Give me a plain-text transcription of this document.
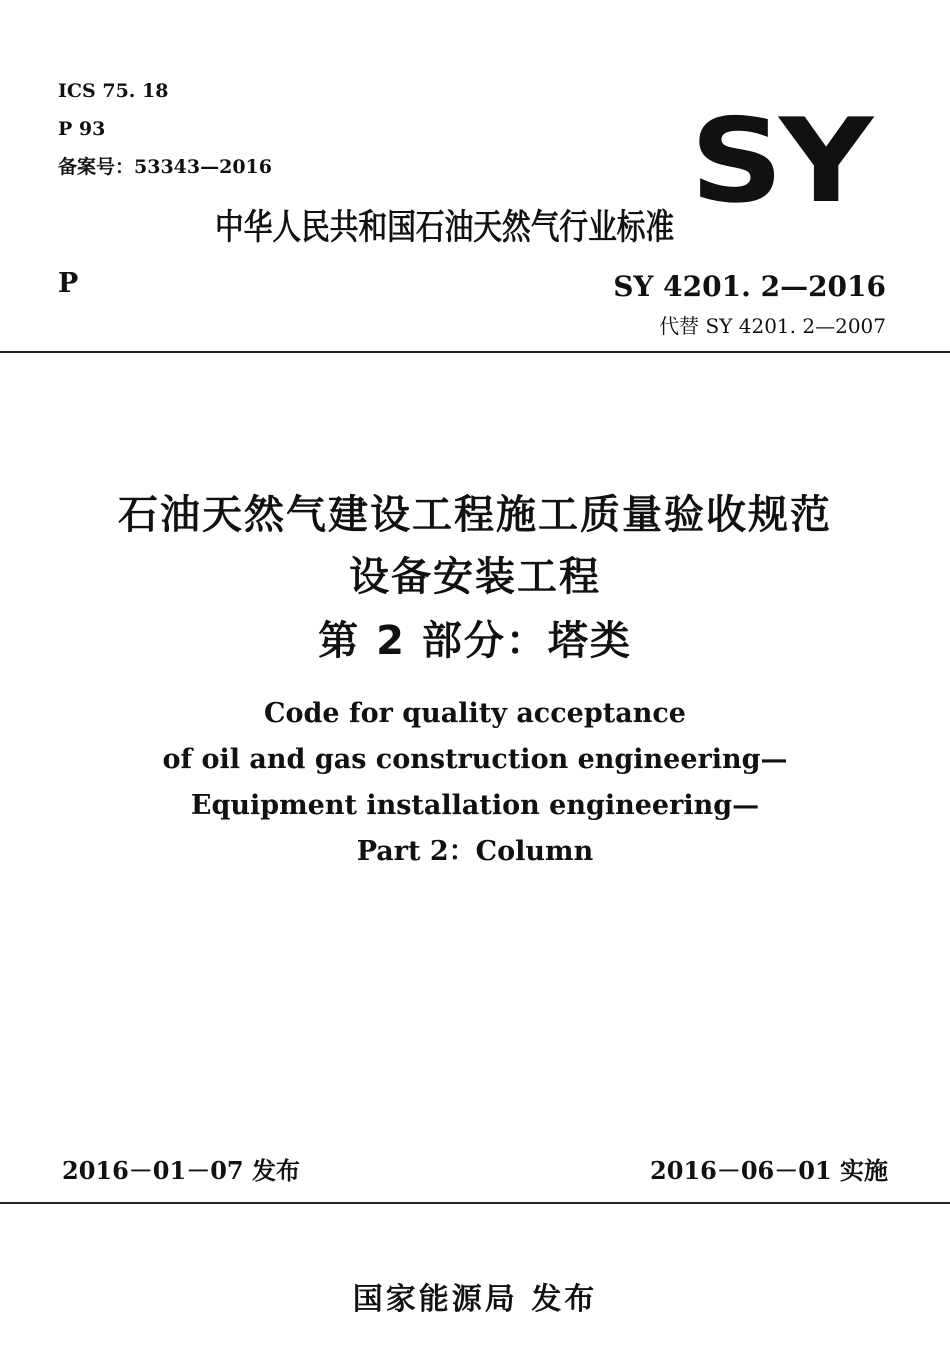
ICS 75. 18
P 93
备案号：53343—2016	SY
中华人民共和国石油天然气行业标准
P	SY 4201. 2—2016
代替 SY 4201. 2—2007
石油天然气建设工程施工质量验收规范
设备安装工程
第 2 部分：塔类
Code for quality acceptance
of oil and gas construction engineering—
Equipment installation engineering—
Part 2：Column
2016－01－07 发布	2016－06－01 实施
国家能源局 发布
